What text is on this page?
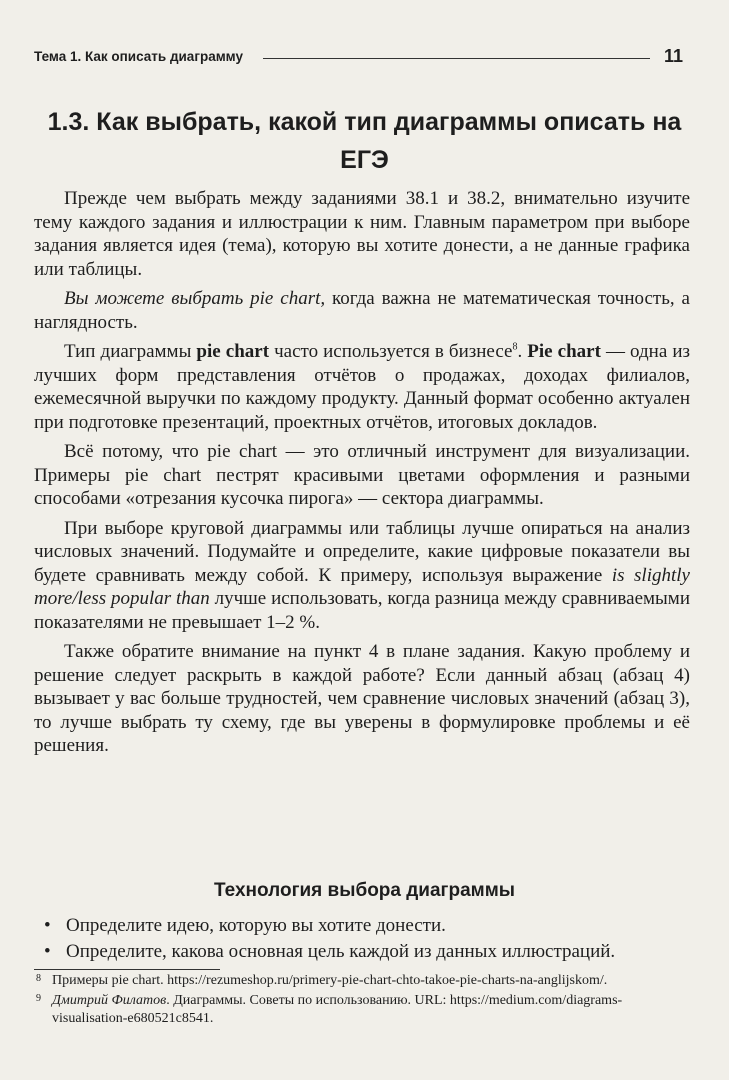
Тема 1. Как описать диаграмму	11
1.3. Как выбрать, какой тип диаграммы описать на ЕГЭ

Прежде чем выбрать между заданиями 38.1 и 38.2, внимательно изучите тему каждого задания и иллюстрации к ним. Главным параметром при выборе задания является идея (тема), которую вы хотите донести, а не данные графика или таблицы.

Вы можете выбрать pie chart, когда важна не математическая точность, а наглядность.

Тип диаграммы pie chart часто используется в бизнесе$^8$. Pie chart — одна из лучших форм представления отчётов о продажах, доходах филиалов, ежемесячной выручки по каждому продукту. Данный формат особенно актуален при подготовке презентаций, проектных отчётов, итоговых докладов.

Всё потому, что pie chart — это отличный инструмент для визуализации. Примеры pie chart пестрят красивыми цветами оформления и разными способами «отрезания кусочка пирога» — сектора диаграммы.

При выборе круговой диаграммы или таблицы лучше опираться на анализ числовых значений. Подумайте и определите, какие цифровые показатели вы будете сравнивать между собой. К примеру, используя выражение is slightly more/less popular than лучше использовать, когда разница между сравниваемыми показателями не превышает 1–2 %.

Также обратите внимание на пункт 4 в плане задания. Какую проблему и решение следует раскрыть в каждой работе? Если данный абзац (абзац 4) вызывает у вас больше трудностей, чем сравнение числовых значений (абзац 3), то лучше выбрать ту схему, где вы уверены в формулировке проблемы и её решения.

Технология выбора диаграммы
• Определите идею, которую вы хотите донести.
• Определите, какова основная цель каждой из данных иллюстраций.

8 Примеры pie chart. https://rezumeshop.ru/primery-pie-chart-chto-takoe-pie-charts-na-anglijskom/.

9 Дмитрий Филатов. Диаграммы. Советы по использованию. URL: https://medium.com/diagrams-visualisation-e680521c8541.
